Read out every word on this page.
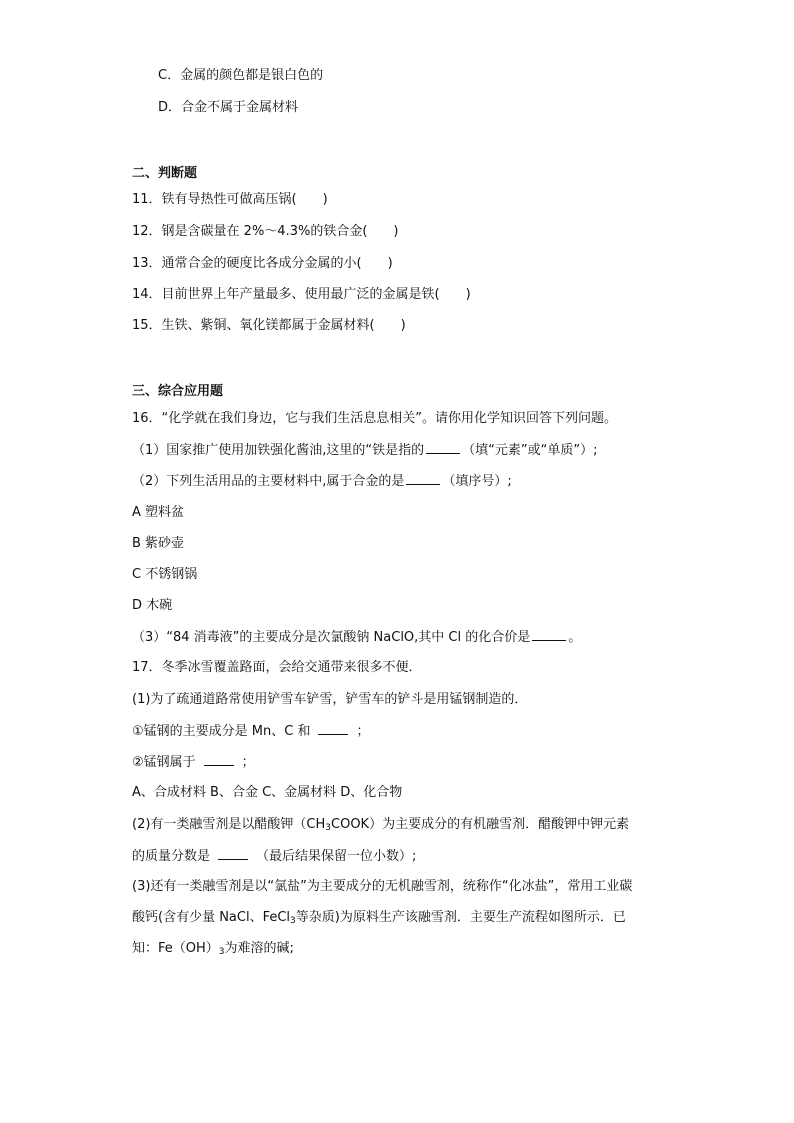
C．金属的颜色都是银白色的
D．合金不属于金属材料
二、判断题
11．铁有导热性可做高压锅(　　)
12．钢是含碳量在 2%～4.3%的铁合金(　　)
13．通常合金的硬度比各成分金属的小(　　)
14．目前世界上年产量最多、使用最广泛的金属是铁(　　)
15．生铁、紫铜、氧化镁都属于金属材料(　　)
三、综合应用题
16．“化学就在我们身边，它与我们生活息息相关”。请你用化学知识回答下列问题。
（1）国家推广使用加铁强化酱油,这里的“铁是指的	（填“元素”或“单质”）;
（2）下列生活用品的主要材料中,属于合金的是	（填序号）;
A 塑料盆
B 紫砂壶
C 不锈钢锅
D 木碗
（3）“84 消毒液”的主要成分是次氯酸钠 NaClO,其中 Cl 的化合价是	。
17．冬季冰雪覆盖路面，会给交通带来很多不便．
(1)为了疏通道路常使用铲雪车铲雪，铲雪车的铲斗是用锰钢制造的．
①锰钢的主要成分是 Mn、C 和	；
②锰钢属于	；
A、合成材料 B、合金 C、金属材料 D、化合物
(2)有一类融雪剂是以醋酸钾$(CH_3COOK)$为主要成分的有机融雪剂．醋酸钾中钾元素
的质量分数是	（最后结果保留一位小数）;
(3)还有一类融雪剂是以“氯盐”为主要成分的无机融雪剂，统称作“化冰盐”，常用工业碳
酸钙(含有少量 NaCl、FeCl$_3$等杂质)为原料生产该融雪剂．主要生产流程如图所示．已
知：$Fe(OH)_3$为难溶的碱;
